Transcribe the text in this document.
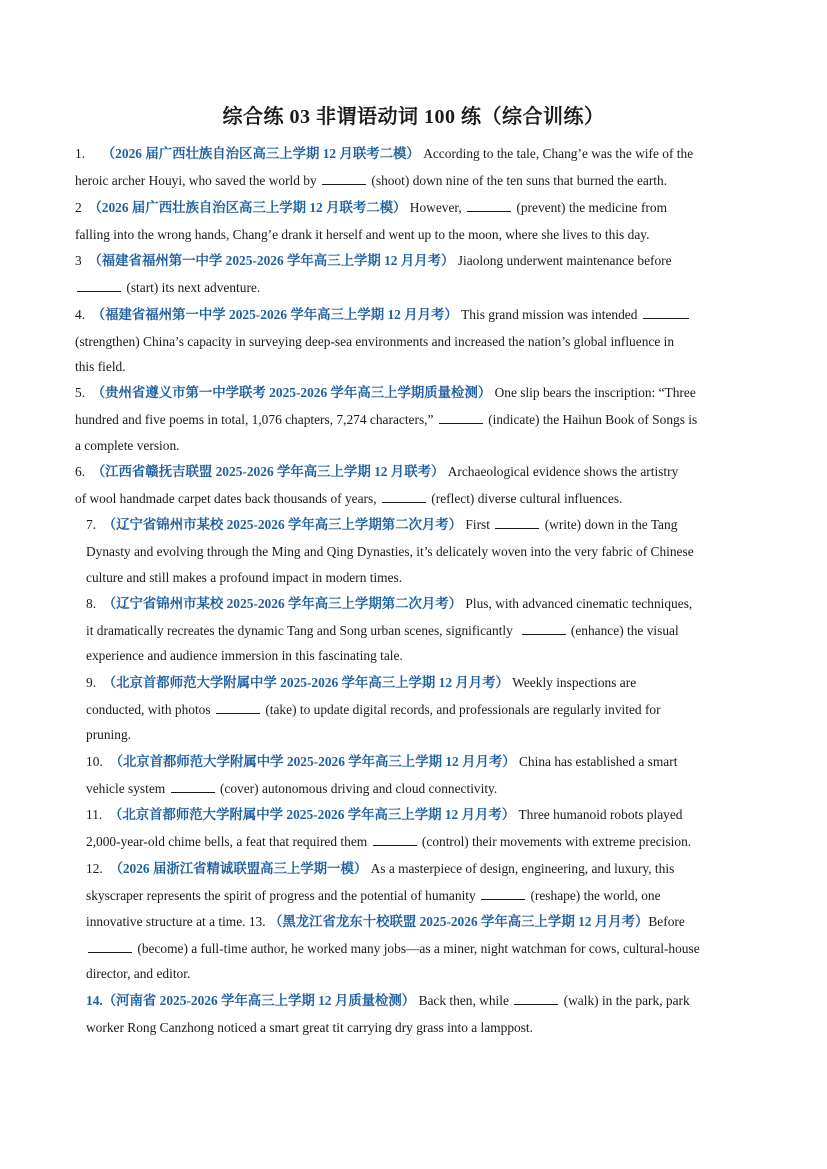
综合练 03 非谓语动词 100 练（综合训练）
1. （2026 届广西壮族自治区高三上学期 12 月联考二模） According to the tale, Chang’e was the wife of the
heroic archer Houyi, who saved the world by	(shoot) down nine of the ten suns that burned the earth.
2 （2026 届广西壮族自治区高三上学期 12 月联考二模） However,	(prevent) the medicine from
falling into the wrong hands, Chang’e drank it herself and went up to the moon, where she lives to this day.
3 （福建省福州第一中学 2025-2026 学年高三上学期 12 月月考） Jiaolong underwent maintenance before
(start) its next adventure.
4. （福建省福州第一中学 2025-2026 学年高三上学期 12 月月考） This grand mission was intended
(strengthen) China’s capacity in surveying deep-sea environments and increased the nation’s global influence in
this field.
5. （贵州省遵义市第一中学联考 2025-2026 学年高三上学期质量检测） One slip bears the inscription: “Three
hundred and five poems in total, 1,076 chapters, 7,274 characters,”	(indicate) the Haihun Book of Songs is
a complete version.
6. （江西省赣抚吉联盟 2025-2026 学年高三上学期 12 月联考） Archaeological evidence shows the artistry
of wool handmade carpet dates back thousands of years,	(reflect) diverse cultural influences.
7. （辽宁省锦州市某校 2025-2026 学年高三上学期第二次月考） First	(write) down in the Tang
Dynasty and evolving through the Ming and Qing Dynasties, it’s delicately woven into the very fabric of Chinese
culture and still makes a profound impact in modern times.
8. （辽宁省锦州市某校 2025-2026 学年高三上学期第二次月考） Plus, with advanced cinematic techniques,
it dramatically recreates the dynamic Tang and Song urban scenes, significantly	(enhance) the visual
experience and audience immersion in this fascinating tale.
9. （北京首都师范大学附属中学 2025-2026 学年高三上学期 12 月月考） Weekly inspections are
conducted, with photos	(take) to update digital records, and professionals are regularly invited for
pruning.
10. （北京首都师范大学附属中学 2025-2026 学年高三上学期 12 月月考） China has established a smart
vehicle system	(cover) autonomous driving and cloud connectivity.
11. （北京首都师范大学附属中学 2025-2026 学年高三上学期 12 月月考） Three humanoid robots played
2,000-year-old chime bells, a feat that required them	(control) their movements with extreme precision.
12. （2026 届浙江省精诚联盟高三上学期一模） As a masterpiece of design, engineering, and luxury, this
skyscraper represents the spirit of progress and the potential of humanity	(reshape) the world, one
innovative structure at a time. 13. （黑龙江省龙东十校联盟 2025-2026 学年高三上学期 12 月月考）Before
(become) a full-time author, he worked many jobs—as a miner, night watchman for cows, cultural-house
director, and editor.
14.（河南省 2025-2026 学年高三上学期 12 月质量检测） Back then, while	(walk) in the park, park
worker Rong Canzhong noticed a smart great tit carrying dry grass into a lamppost.
